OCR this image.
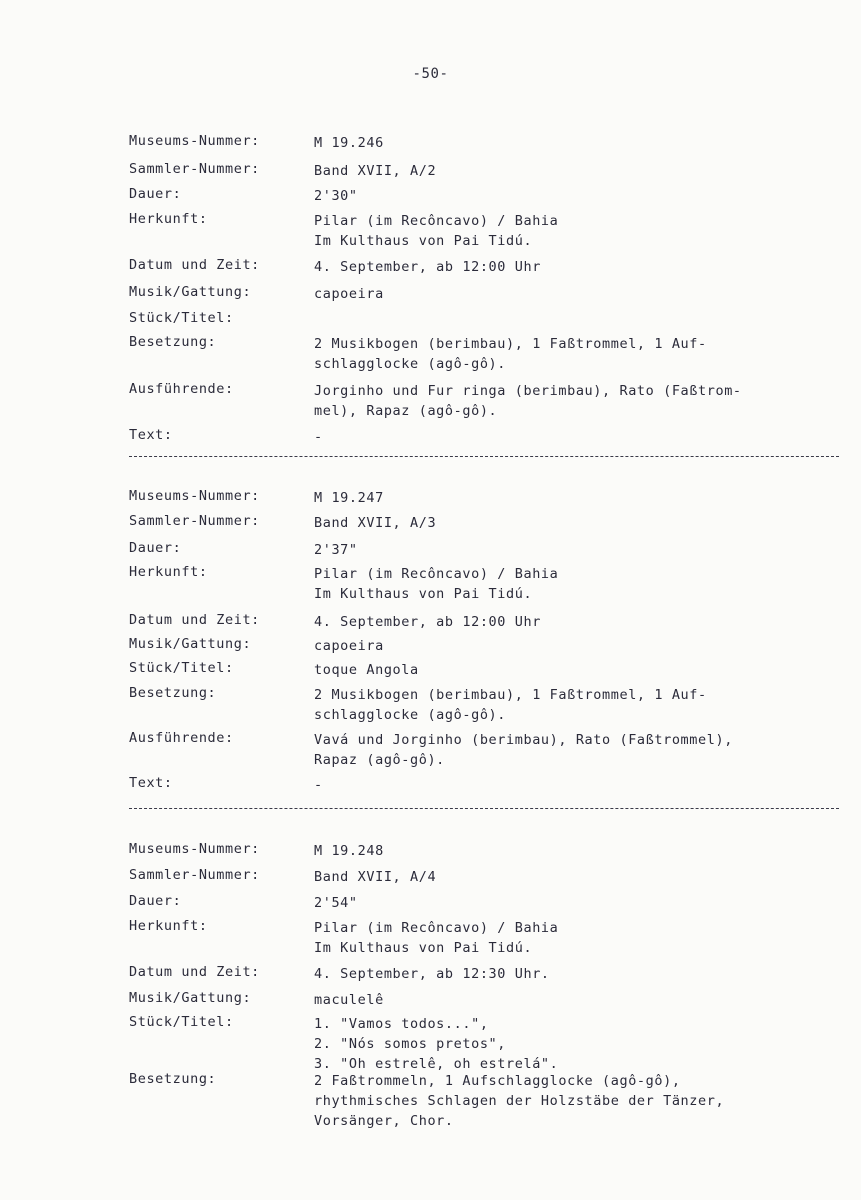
-50-
Museums-Nummer:	M 19.246
Sammler-Nummer:	Band XVII, A/2
Dauer:	2'30"
Herkunft:	Pilar (im Recôncavo) / Bahia
Im Kulthaus von Pai Tidú.
Datum und Zeit:	4. September, ab 12:00 Uhr
Musik/Gattung:	capoeira
Stück/Titel:
Besetzung:	2 Musikbogen (berimbau), 1 Faßtrommel, 1 Auf-
schlagglocke (agô-gô).
Ausführende:	Jorginho und Fur ringa (berimbau), Rato (Faßtrom-
mel), Rapaz (agô-gô).
Text:	-
Museums-Nummer:	M 19.247
Sammler-Nummer:	Band XVII, A/3
Dauer:	2'37"
Herkunft:	Pilar (im Recôncavo) / Bahia
Im Kulthaus von Pai Tidú.
Datum und Zeit:	4. September, ab 12:00 Uhr
Musik/Gattung:	capoeira
Stück/Titel:	toque Angola
Besetzung:	2 Musikbogen (berimbau), 1 Faßtrommel, 1 Auf-
schlagglocke (agô-gô).
Ausführende:	Vavá und Jorginho (berimbau), Rato (Faßtrommel),
Rapaz (agô-gô).
Text:	-
Museums-Nummer:	M 19.248
Sammler-Nummer:	Band XVII, A/4
Dauer:	2'54"
Herkunft:	Pilar (im Recôncavo) / Bahia
Im Kulthaus von Pai Tidú.
Datum und Zeit:	4. September, ab 12:30 Uhr.
Musik/Gattung:	maculelê
Stück/Titel:	1. "Vamos todos...",
2. "Nós somos pretos",
3. "Oh estrelê, oh estrelá".
Besetzung:	2 Faßtrommeln, 1 Aufschlagglocke (agô-gô),
rhythmisches Schlagen der Holzstäbe der Tänzer,
Vorsänger, Chor.
